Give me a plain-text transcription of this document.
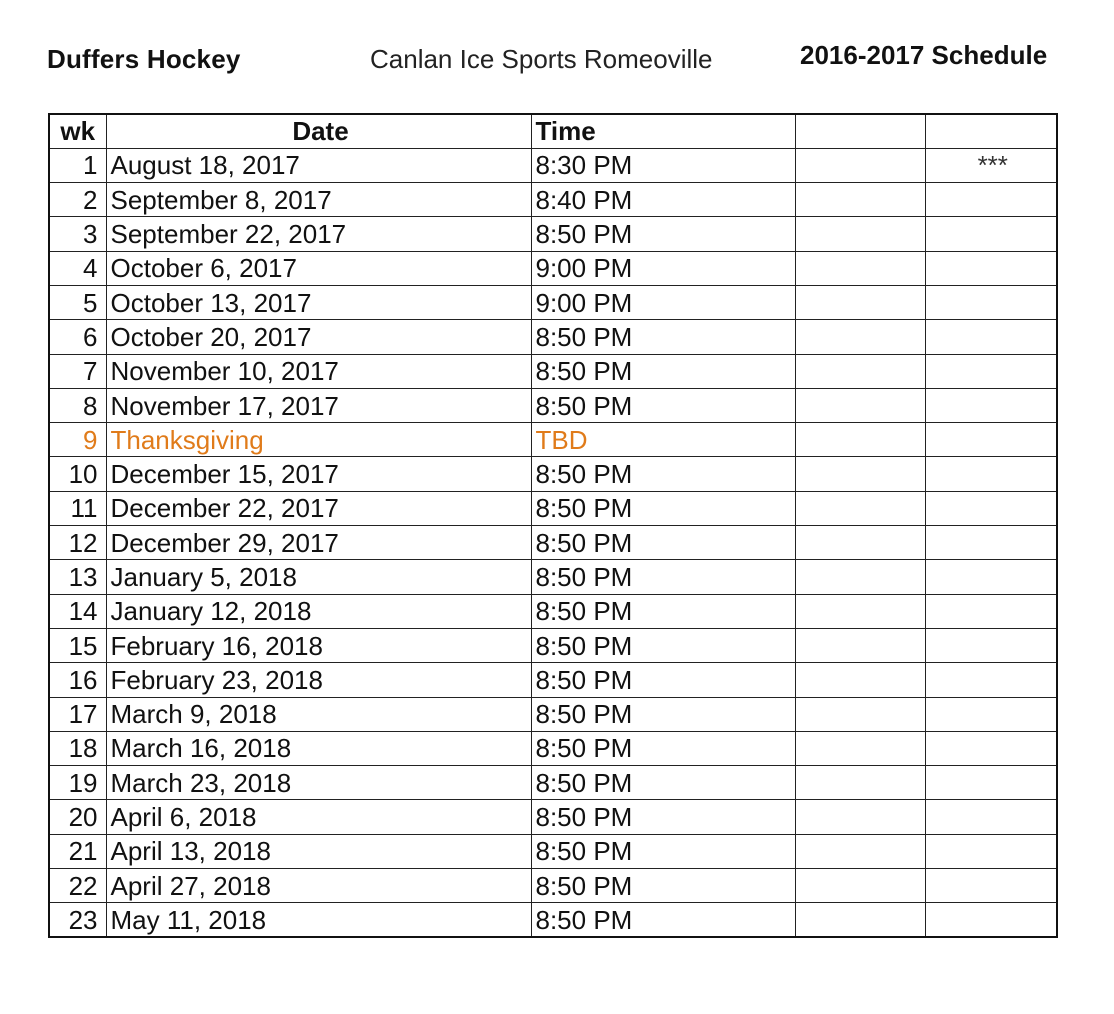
Duffers Hockey	Canlan Ice Sports Romeoville	2016-2017 Schedule
wk	Date	Time		
1	August 18, 2017	8:30 PM		***
2	September 8, 2017	8:40 PM		
3	September 22, 2017	8:50 PM		
4	October 6, 2017	9:00 PM		
5	October 13, 2017	9:00 PM		
6	October 20, 2017	8:50 PM		
7	November 10, 2017	8:50 PM		
8	November 17, 2017	8:50 PM		
9	Thanksgiving	TBD		
10	December 15, 2017	8:50 PM		
11	December 22, 2017	8:50 PM		
12	December 29, 2017	8:50 PM		
13	January 5, 2018	8:50 PM		
14	January 12, 2018	8:50 PM		
15	February 16, 2018	8:50 PM		
16	February 23, 2018	8:50 PM		
17	March 9, 2018	8:50 PM		
18	March 16, 2018	8:50 PM		
19	March 23, 2018	8:50 PM		
20	April 6, 2018	8:50 PM		
21	April 13, 2018	8:50 PM		
22	April 27, 2018	8:50 PM		
23	May 11, 2018	8:50 PM		
